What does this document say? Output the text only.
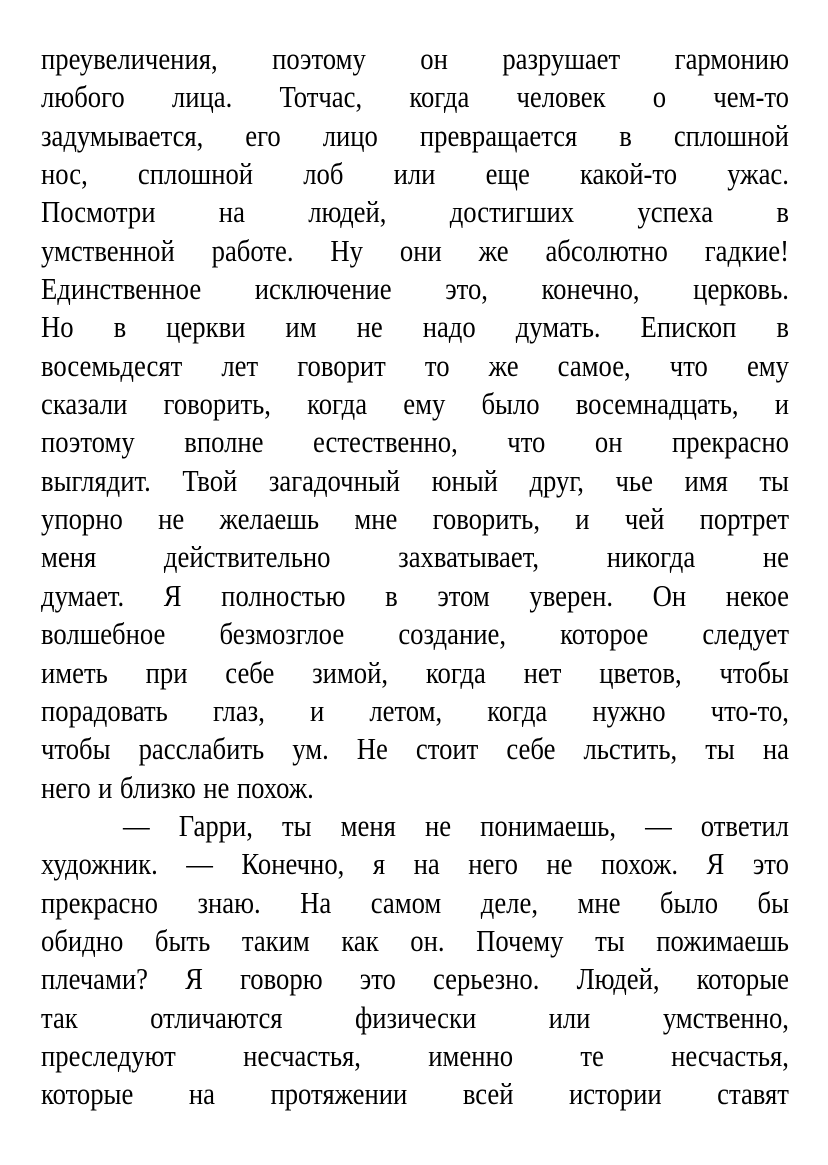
преувеличения, поэтому он разрушает гармонию
любого лица. Тотчас, когда человек о чем-то
задумывается, его лицо превращается в сплошной
нос, сплошной лоб или еще какой-то ужас.
Посмотри на людей, достигших успеха в
умственной работе. Ну они же абсолютно гадкие!
Единственное исключение это, конечно, церковь.
Но в церкви им не надо думать. Епископ в
восемьдесят лет говорит то же самое, что ему
сказали говорить, когда ему было восемнадцать, и
поэтому вполне естественно, что он прекрасно
выглядит. Твой загадочный юный друг, чье имя ты
упорно не желаешь мне говорить, и чей портрет
меня действительно захватывает, никогда не
думает. Я полностью в этом уверен. Он некое
волшебное безмозглое создание, которое следует
иметь при себе зимой, когда нет цветов, чтобы
порадовать глаз, и летом, когда нужно что-то,
чтобы расслабить ум. Не стоит себе льстить, ты на
него и близко не похож.
— Гарри, ты меня не понимаешь, — ответил
художник. — Конечно, я на него не похож. Я это
прекрасно знаю. На самом деле, мне было бы
обидно быть таким как он. Почему ты пожимаешь
плечами? Я говорю это серьезно. Людей, которые
так отличаются физически или умственно,
преследуют несчастья, именно те несчастья,
которые на протяжении всей истории ставят
